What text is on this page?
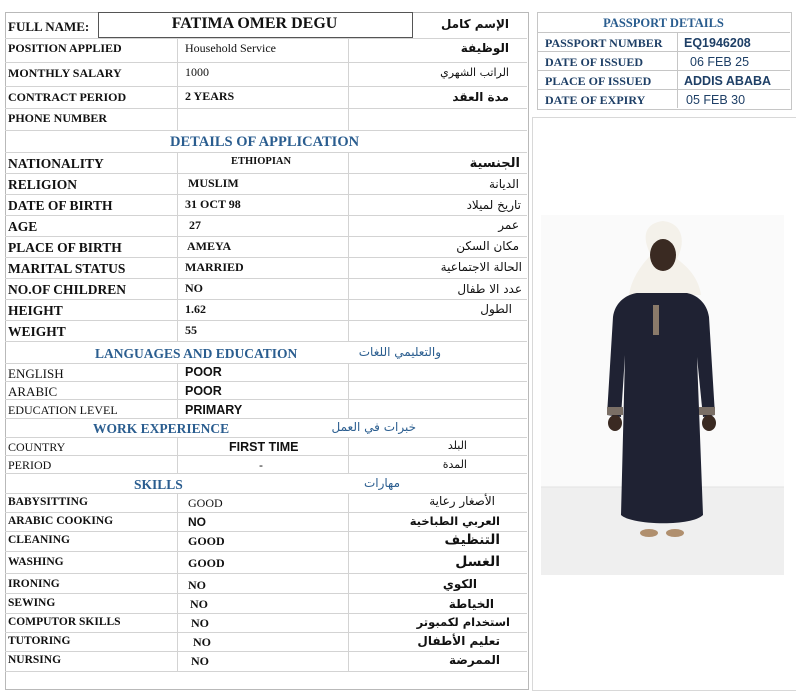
FULL NAME:	FATIMA OMER DEGU	الإسم كامل
POSITION APPLIED	Household Service	الوظيفة
MONTHLY SALARY	1000	الراتب الشهري
CONTRACT PERIOD	2 YEARS	مدة العقد
PHONE NUMBER
DETAILS OF APPLICATION
NATIONALITY	ETHIOPIAN	الجنسية
RELIGION	MUSLIM	الديانة
DATE OF BIRTH	31 OCT 98	تاريخ لميلاد
AGE	27	عمر
PLACE OF BIRTH	AMEYA	مكان السكن
MARITAL STATUS	MARRIED	الحالة الاجتماعية
NO.OF CHILDREN	NO	عدد الا طفال
HEIGHT	1.62	الطول
WEIGHT	55
LANGUAGES AND EDUCATION	والتعليمي اللغات
ENGLISH	POOR
ARABIC	POOR
EDUCATION LEVEL	PRIMARY
WORK EXPERIENCE	خبرات في العمل
COUNTRY	FIRST TIME	البلد
PERIOD	-	المدة
SKILLS	مهارات
BABYSITTING	GOOD	الأصغار رعاية
ARABIC COOKING	NO	العربي الطباخية
CLEANING	GOOD	التنظيف
WASHING	GOOD	الغسل
IRONING	NO	الكوي
SEWING	NO	الخياطة
COMPUTOR SKILLS	NO	استخدام لكمبوتر
TUTORING	NO	تعليم الأطفال
NURSING	NO	الممرضة
PASSPORT DETAILS
PASSPORT NUMBER EQ1946208
DATE OF ISSUED	06 FEB 25
PLACE OF ISSUED	ADDIS ABABA
DATE OF EXPIRY	05 FEB 30
